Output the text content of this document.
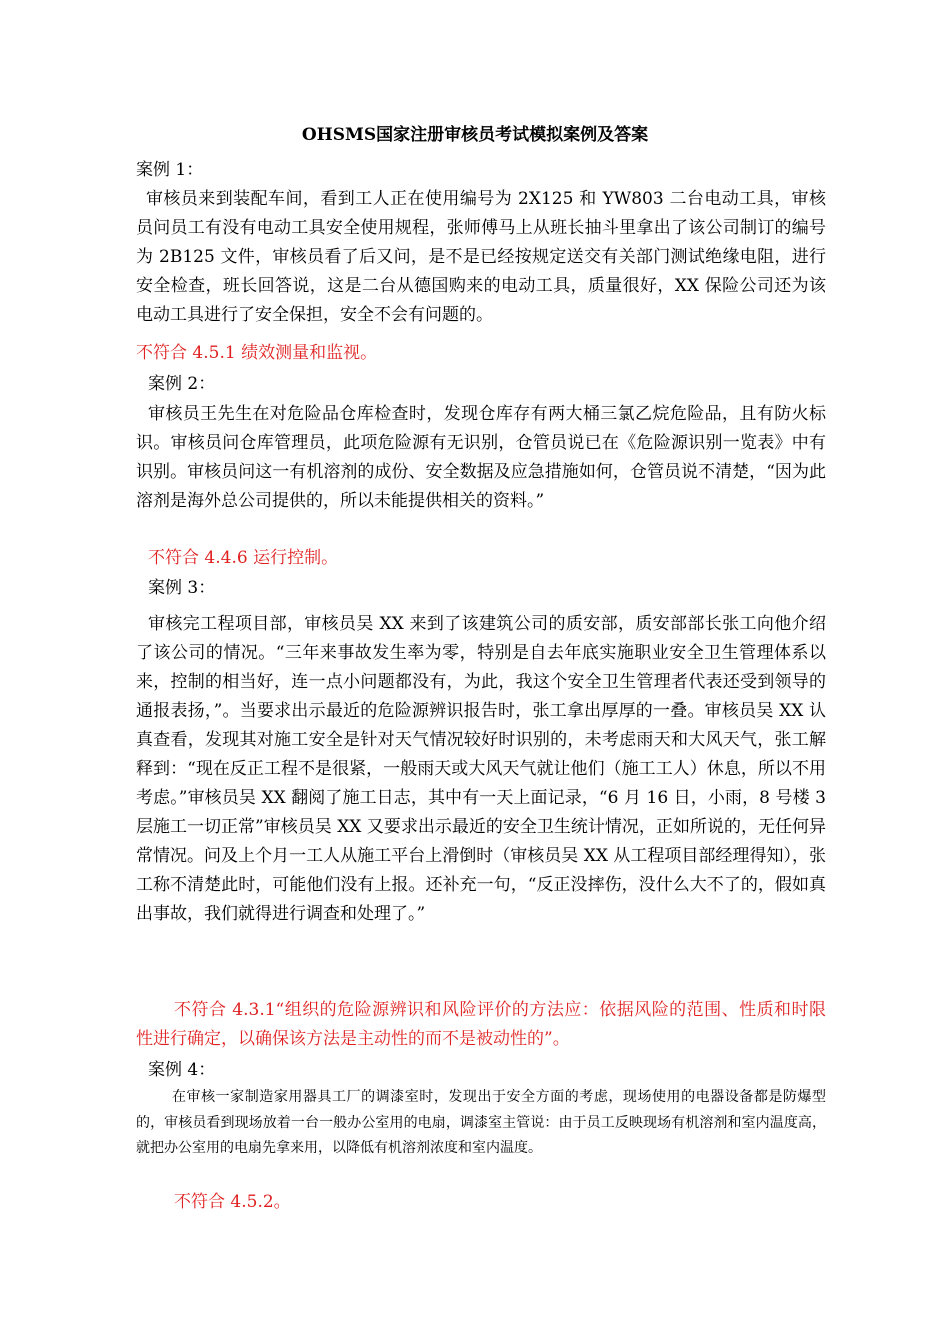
OHSMS国家注册审核员考试模拟案例及答案
案例 1：
审核员来到装配车间，看到工人正在使用编号为 2X125 和 YW803 二台电动工具，审核员问员工有没有电动工具安全使用规程，张师傅马上从班长抽斗里拿出了该公司制订的编号为 2B125 文件，审核员看了后又问，是不是已经按规定送交有关部门测试绝缘电阻，进行安全检查，班长回答说，这是二台从德国购来的电动工具，质量很好，XX 保险公司还为该电动工具进行了安全保担，安全不会有问题的。
不符合 4.5.1 绩效测量和监视。
案例 2：
审核员王先生在对危险品仓库检查时，发现仓库存有两大桶三氯乙烷危险品，且有防火标识。审核员问仓库管理员，此项危险源有无识别，仓管员说已在《危险源识别一览表》中有识别。审核员问这一有机溶剂的成份、安全数据及应急措施如何，仓管员说不清楚，“因为此溶剂是海外总公司提供的，所以未能提供相关的资料。”
不符合 4.4.6 运行控制。
案例 3：
审核完工程项目部，审核员吴 XX 来到了该建筑公司的质安部，质安部部长张工向他介绍了该公司的情况。“三年来事故发生率为零，特别是自去年底实施职业安全卫生管理体系以来，控制的相当好，连一点小问题都没有，为此，我这个安全卫生管理者代表还受到领导的通报表扬，”。当要求出示最近的危险源辨识报告时，张工拿出厚厚的一叠。审核员吴 XX 认真查看，发现其对施工安全是针对天气情况较好时识别的，未考虑雨天和大风天气，张工解释到：“现在反正工程不是很紧，一般雨天或大风天气就让他们（施工工人）休息，所以不用考虑。”审核员吴 XX 翻阅了施工日志，其中有一天上面记录，“6 月 16 日，小雨，8 号楼 3 层施工一切正常”审核员吴 XX 又要求出示最近的安全卫生统计情况，正如所说的，无任何异常情况。问及上个月一工人从施工平台上滑倒时（审核员吴 XX 从工程项目部经理得知），张工称不清楚此时，可能他们没有上报。还补充一句，“反正没摔伤，没什么大不了的，假如真出事故，我们就得进行调查和处理了。”
不符合 4.3.1“组织的危险源辨识和风险评价的方法应：依据风险的范围、性质和时限性进行确定，以确保该方法是主动性的而不是被动性的”。
案例 4：
在审核一家制造家用器具工厂的调漆室时，发现出于安全方面的考虑，现场使用的电器设备都是防爆型的，审核员看到现场放着一台一般办公室用的电扇，调漆室主管说：由于员工反映现场有机溶剂和室内温度高，就把办公室用的电扇先拿来用，以降低有机溶剂浓度和室内温度。
不符合 4.5.2。
